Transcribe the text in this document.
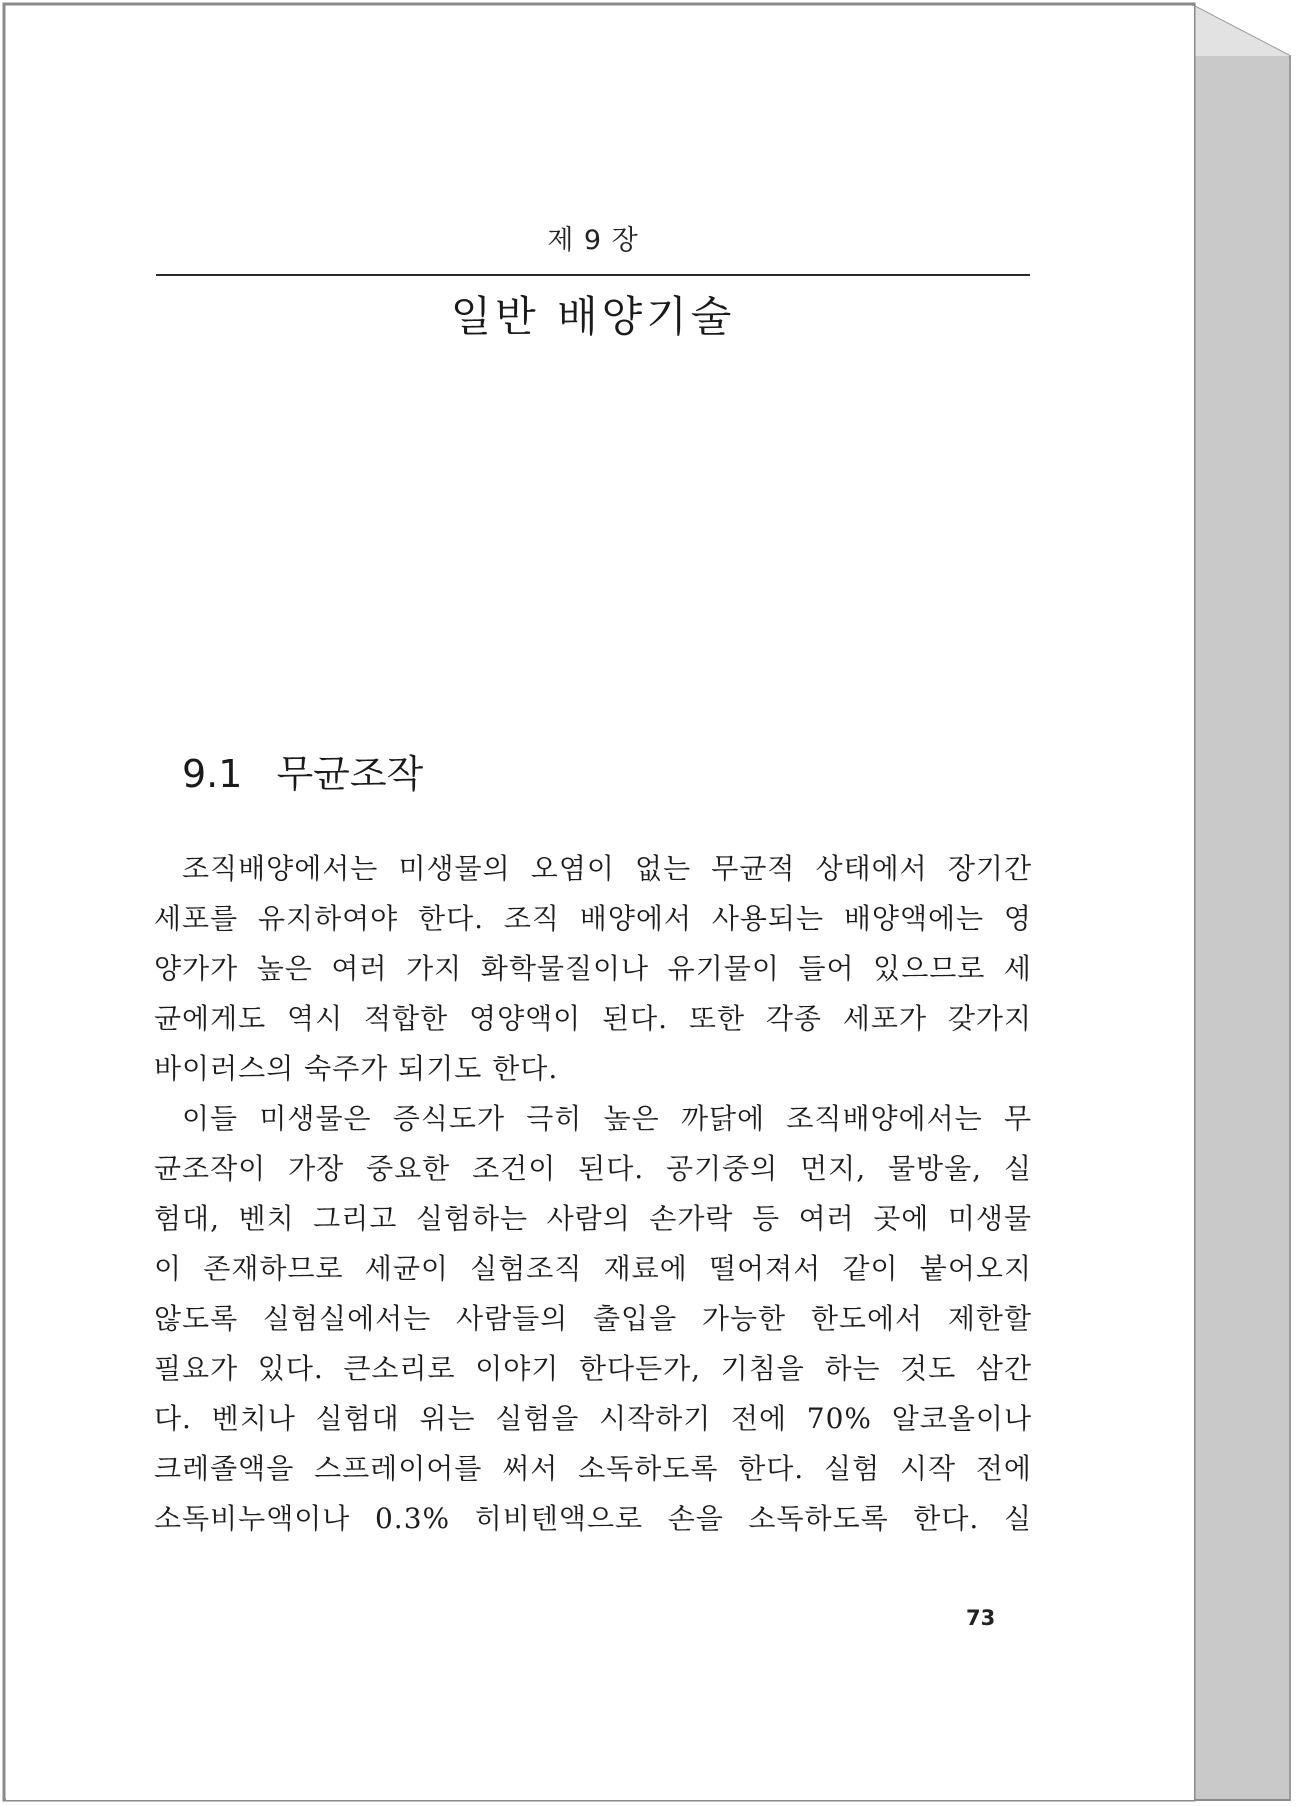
제 9 장
일반 배양기술
9.1 무균조작
조직배양에서는 미생물의 오염이 없는 무균적 상태에서 장기간
세포를 유지하여야 한다. 조직 배양에서 사용되는 배양액에는 영
양가가 높은 여러 가지 화학물질이나 유기물이 들어 있으므로 세
균에게도 역시 적합한 영양액이 된다. 또한 각종 세포가 갖가지
바이러스의 숙주가 되기도 한다.
이들 미생물은 증식도가 극히 높은 까닭에 조직배양에서는 무
균조작이 가장 중요한 조건이 된다. 공기중의 먼지, 물방울, 실
험대, 벤치 그리고 실험하는 사람의 손가락 등 여러 곳에 미생물
이 존재하므로 세균이 실험조직 재료에 떨어져서 같이 붙어오지
않도록 실험실에서는 사람들의 출입을 가능한 한도에서 제한할
필요가 있다. 큰소리로 이야기 한다든가, 기침을 하는 것도 삼간
다. 벤치나 실험대 위는 실험을 시작하기 전에 70% 알코올이나
크레졸액을 스프레이어를 써서 소독하도록 한다. 실험 시작 전에
소독비누액이나 0.3% 히비텐액으로 손을 소독하도록 한다. 실
73
